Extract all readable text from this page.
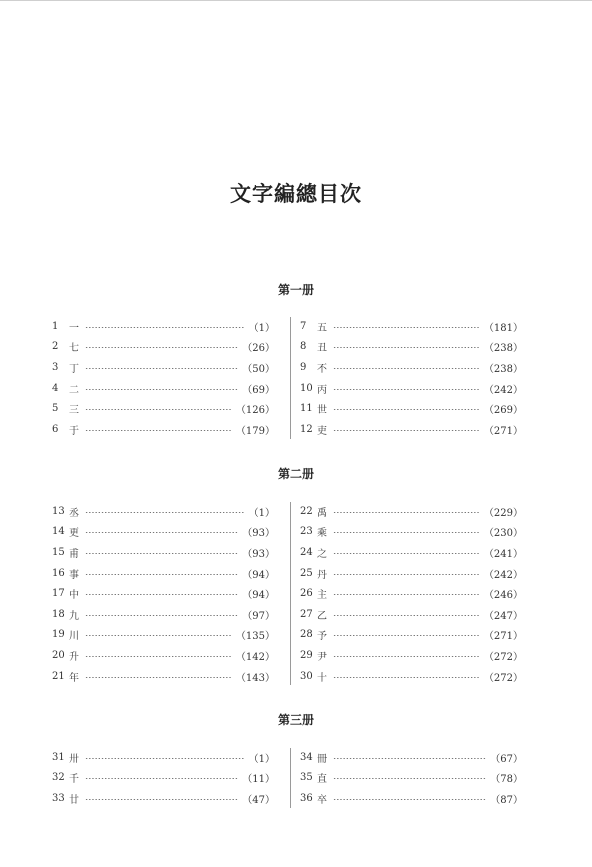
文字編總目次
第一册
1	一	（1）
2	七	（26）
3	丁	（50）
4	二	（69）
5	三	（126）
6	于	（179）
7	五	（181）
8	丑	（238）
9	不	（238）
10 丙	（242）
11 世	（269）
12 吏	（271）
第二册
13 丞	（1）
14 更	（93）
15 甫	（93）
16 事	（94）
17 中	（94）
18 九	（97）
19 川	（135）
20 升	（142）
21 年	（143）
22 禹	（229）
23 乘	（230）
24 之	（241）
25 丹	（242）
26 主	（246）
27 乙	（247）
28 予	（271）
29 尹	（272）
30 十	（272）
第三册
31 卅	（1）
32 千	（11）
33 廿	（47）
34 冊	（67）
35 直	（78）
36 卒	（87）
